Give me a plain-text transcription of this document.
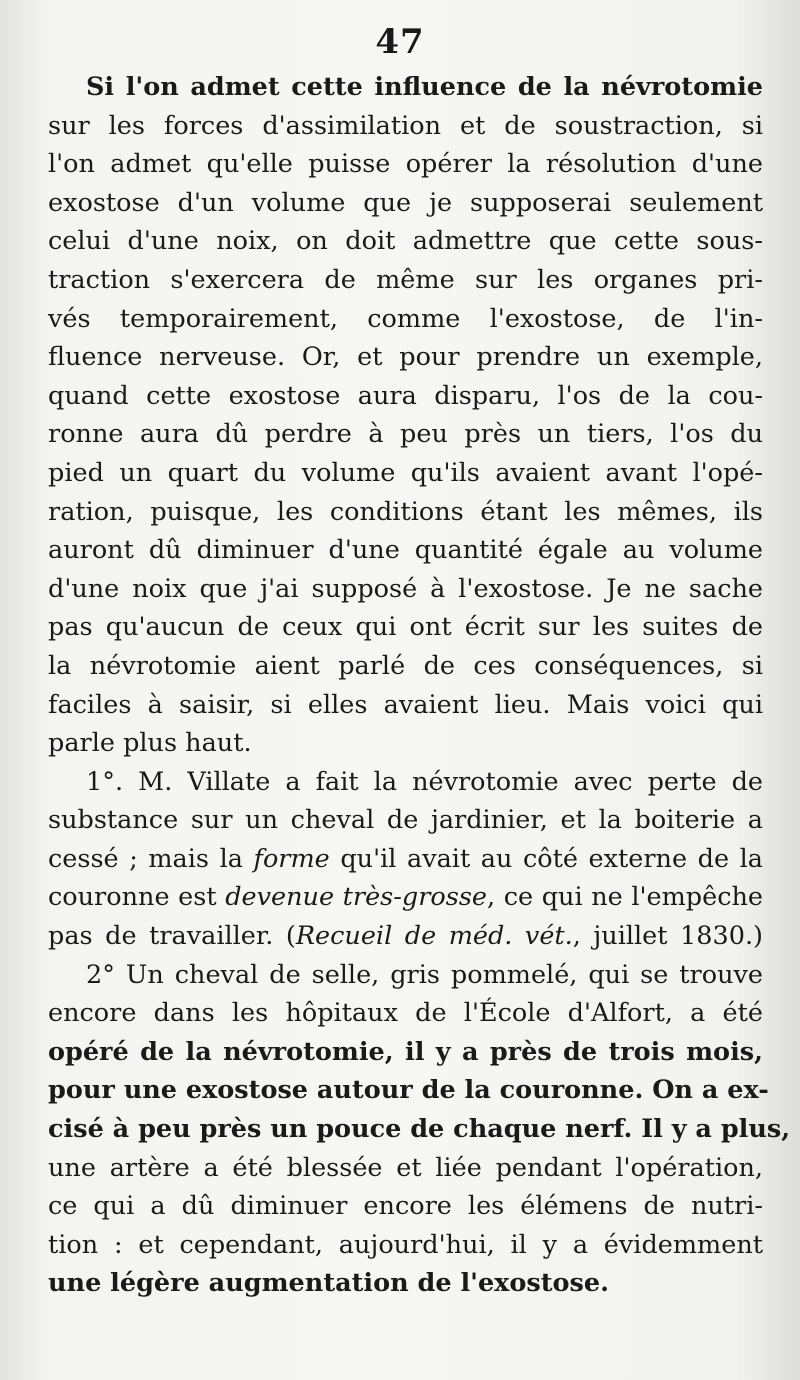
47
Si l'on admet cette influence de la névrotomie
sur les forces d'assimilation et de soustraction, si
l'on admet qu'elle puisse opérer la résolution d'une
exostose d'un volume que je supposerai seulement
celui d'une noix, on doit admettre que cette sous-
traction s'exercera de même sur les organes pri-
vés temporairement, comme l'exostose, de l'in-
fluence nerveuse. Or, et pour prendre un exemple,
quand cette exostose aura disparu, l'os de la cou-
ronne aura dû perdre à peu près un tiers, l'os du
pied un quart du volume qu'ils avaient avant l'opé-
ration, puisque, les conditions étant les mêmes, ils
auront dû diminuer d'une quantité égale au volume
d'une noix que j'ai supposé à l'exostose. Je ne sache
pas qu'aucun de ceux qui ont écrit sur les suites de
la névrotomie aient parlé de ces conséquences, si
faciles à saisir, si elles avaient lieu. Mais voici qui
parle plus haut.
1°. M. Villate a fait la névrotomie avec perte de
substance sur un cheval de jardinier, et la boiterie a
cessé ; mais la forme qu'il avait au côté externe de la
couronne est devenue très-grosse, ce qui ne l'empêche
pas de travailler. (Recueil de méd. vét., juillet 1830.)
2° Un cheval de selle, gris pommelé, qui se trouve
encore dans les hôpitaux de l'École d'Alfort, a été
opéré de la névrotomie, il y a près de trois mois,
pour une exostose autour de la couronne. On a ex-
cisé à peu près un pouce de chaque nerf. Il y a plus,
une artère a été blessée et liée pendant l'opération,
ce qui a dû diminuer encore les élémens de nutri-
tion : et cependant, aujourd'hui, il y a évidemment
une légère augmentation de l'exostose.
